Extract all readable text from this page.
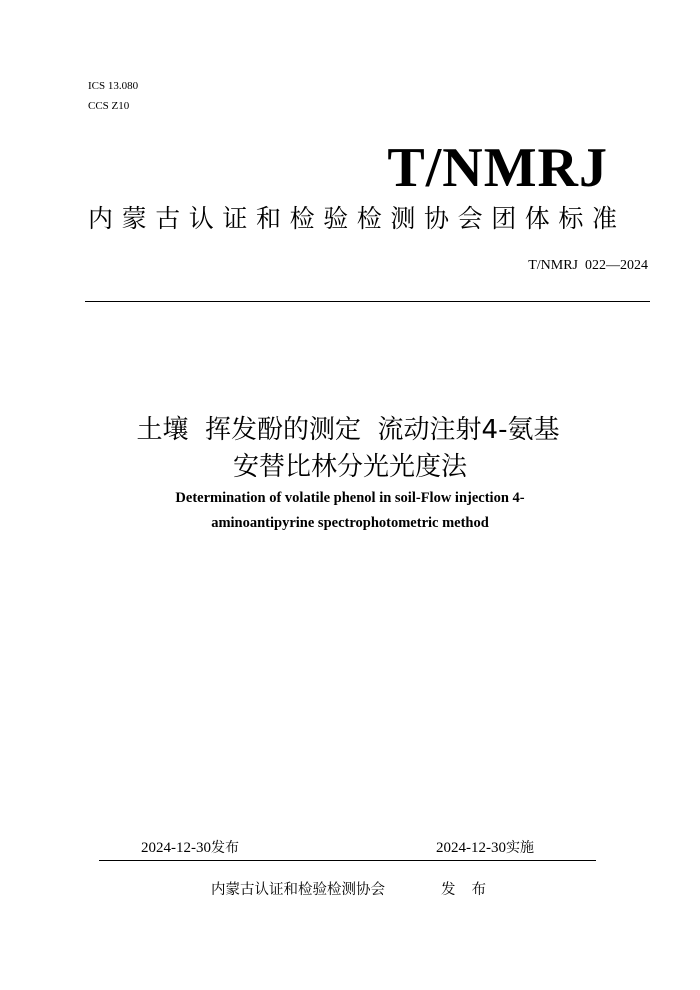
ICS 13.080
CCS Z10
T/NMRJ
内蒙古认证和检验检测协会团体标准
T/NMRJ  022—2024
土壤  挥发酚的测定  流动注射4-氨基
安替比林分光光度法
Determination of volatile phenol in soil-Flow injection 4-
aminoantipyrine spectrophotometric method
2024-12-30发布	2024-12-30实施
内蒙古认证和检验检测协会	发布
